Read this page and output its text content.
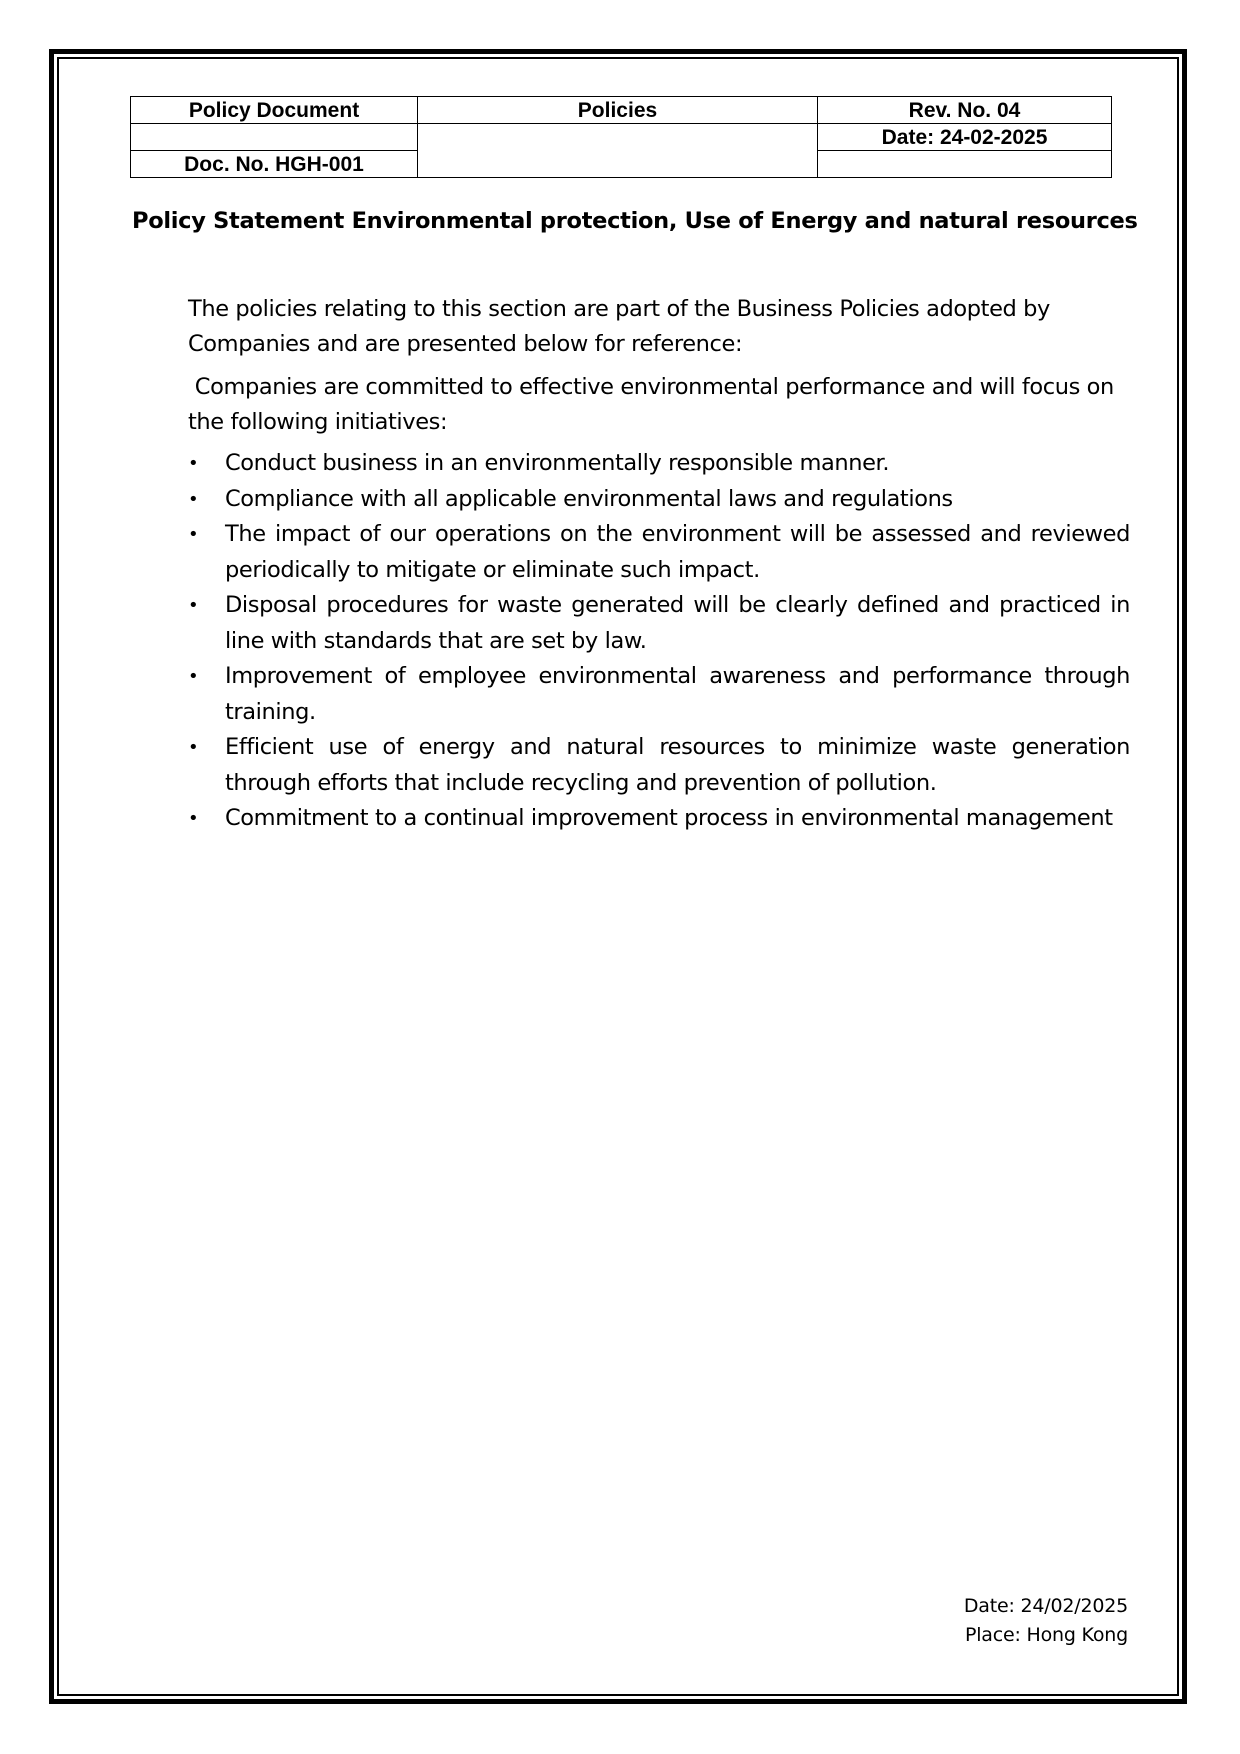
Policy Document	Policies	Rev. No. 04
		Date: 24-02-2025
Doc. No. HGH-001		
Policy Statement Environmental protection, Use of Energy and natural resources
The policies relating to this section are part of the Business Policies adopted by Companies and are presented below for reference:
Companies are committed to effective environmental performance and will focus on the following initiatives:
• Conduct business in an environmentally responsible manner.
• Compliance with all applicable environmental laws and regulations
• The impact of our operations on the environment will be assessed and reviewed periodically to mitigate or eliminate such impact.
• Disposal procedures for waste generated will be clearly defined and practiced in line with standards that are set by law.
• Improvement of employee environmental awareness and performance through training.
• Efficient use of energy and natural resources to minimize waste generation through efforts that include recycling and prevention of pollution.
• Commitment to a continual improvement process in environmental management
Date: 24/02/2025
Place: Hong Kong
